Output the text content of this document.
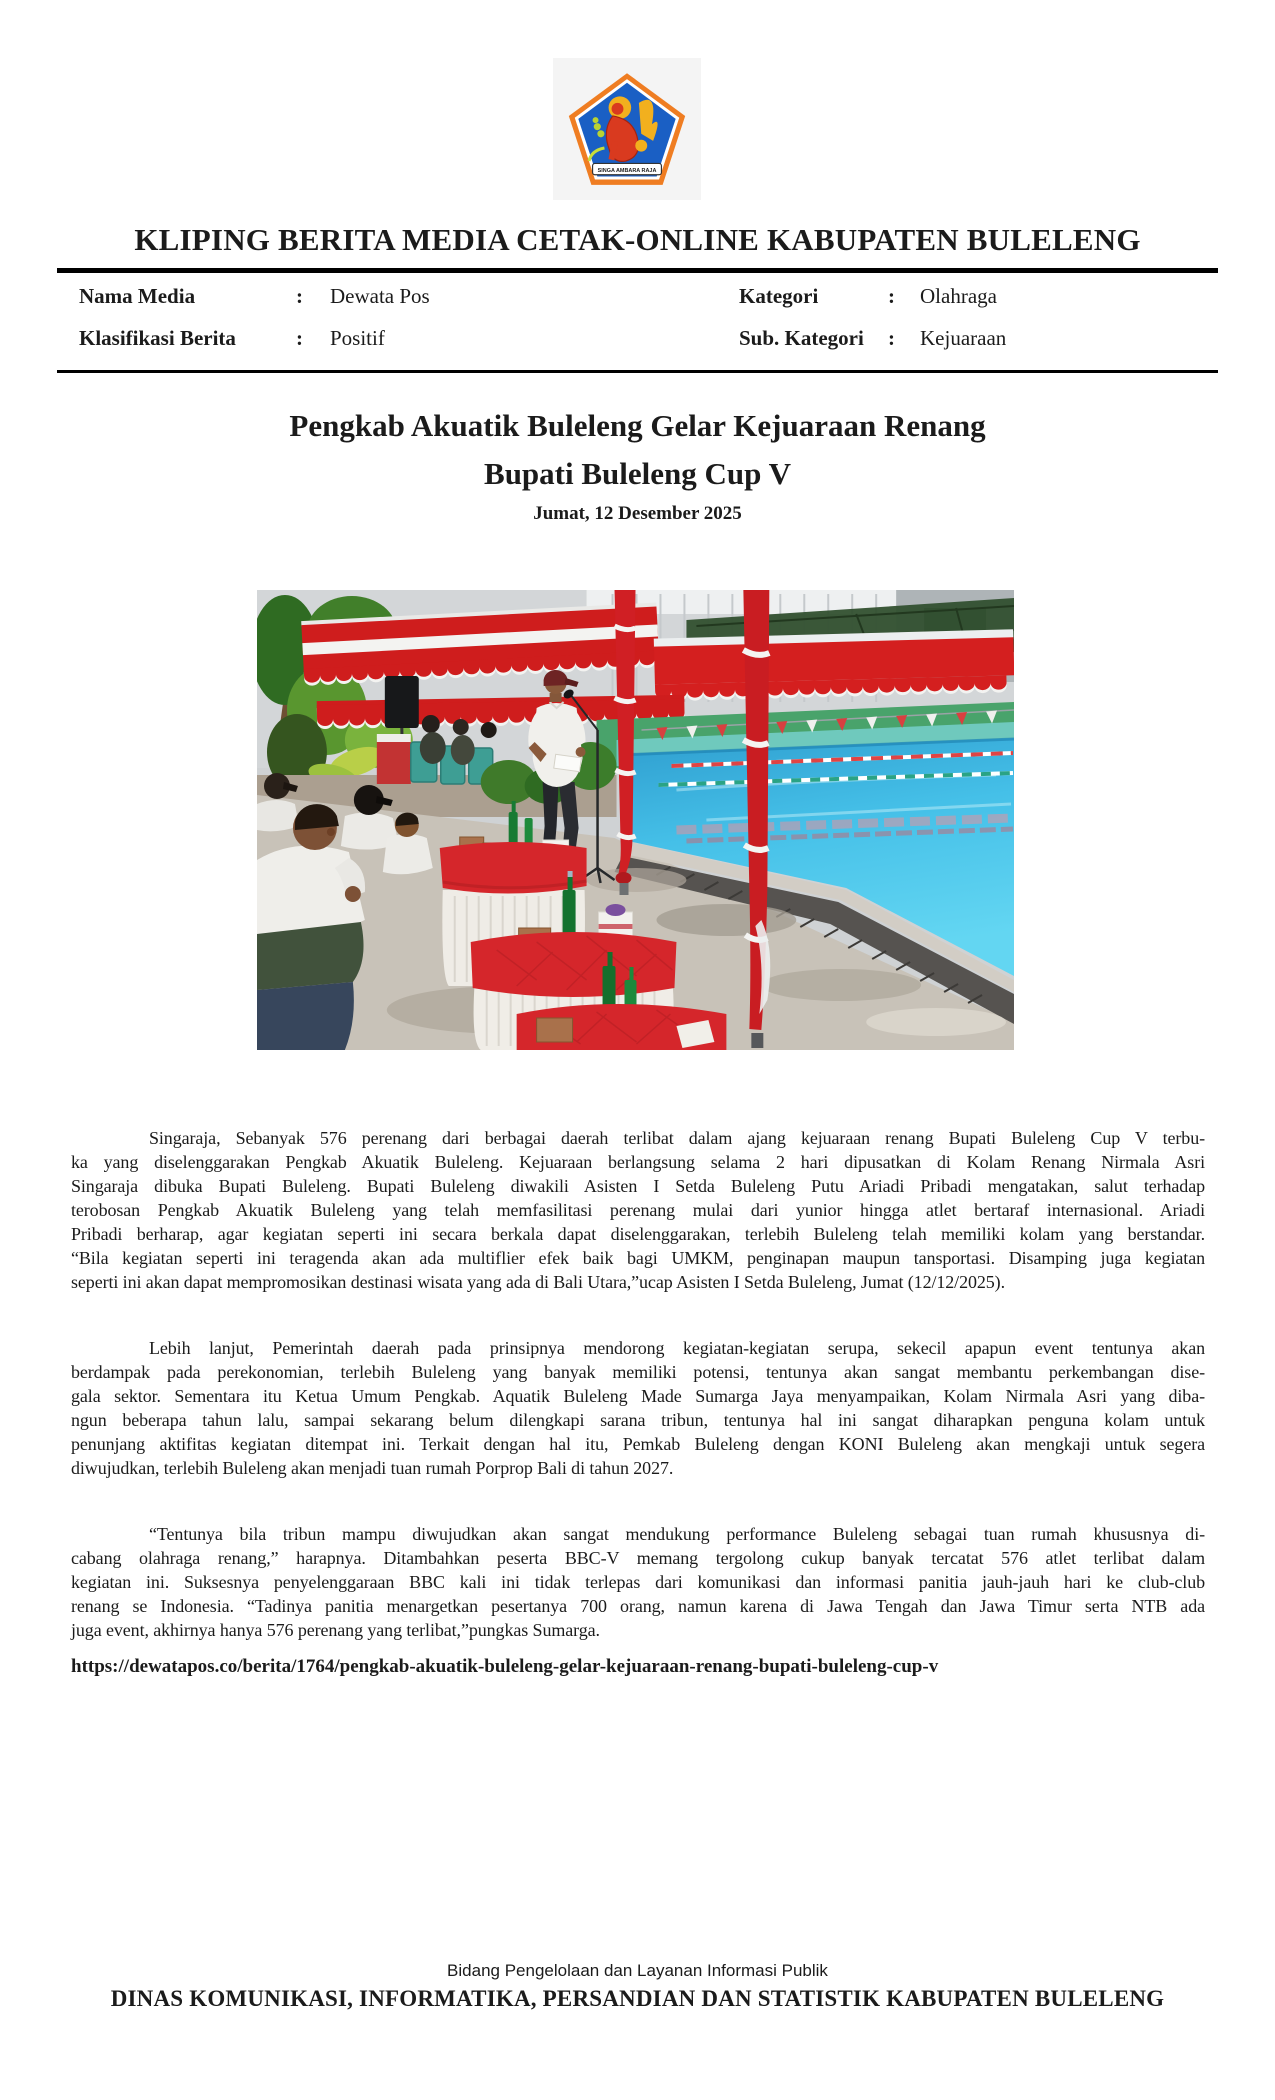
SINGA AMBARA RAJA
KLIPING BERITA MEDIA CETAK-ONLINE KABUPATEN BULELENG
Nama Media	: Dewata Pos
Klasifikasi Berita	: Positif
Kategori	: Olahraga
Sub. Kategori : Kejuaraan
Pengkab Akuatik Buleleng Gelar Kejuaraan Renang
Bupati Buleleng Cup V
Jumat, 12 Desember 2025
Singaraja, Sebanyak 576 perenang dari berbagai daerah terlibat dalam ajang kejuaraan renang Bupati Buleleng Cup V terbu-
ka yang diselenggarakan Pengkab Akuatik Buleleng. Kejuaraan berlangsung selama 2 hari dipusatkan di Kolam Renang Nirmala Asri
Singaraja dibuka Bupati Buleleng. Bupati Buleleng diwakili Asisten I Setda Buleleng Putu Ariadi Pribadi mengatakan, salut terhadap
terobosan Pengkab Akuatik Buleleng yang telah memfasilitasi perenang mulai dari yunior hingga atlet bertaraf internasional. Ariadi
Pribadi berharap, agar kegiatan seperti ini secara berkala dapat diselenggarakan, terlebih Buleleng telah memiliki kolam yang berstandar.
“Bila kegiatan seperti ini teragenda akan ada multiflier efek baik bagi UMKM, penginapan maupun tansportasi. Disamping juga kegiatan
seperti ini akan dapat mempromosikan destinasi wisata yang ada di Bali Utara,”ucap Asisten I Setda Buleleng, Jumat (12/12/2025).
Lebih lanjut, Pemerintah daerah pada prinsipnya mendorong kegiatan-kegiatan serupa, sekecil apapun event tentunya akan
berdampak pada perekonomian, terlebih Buleleng yang banyak memiliki potensi, tentunya akan sangat membantu perkembangan dise-
gala sektor. Sementara itu Ketua Umum Pengkab. Aquatik Buleleng Made Sumarga Jaya menyampaikan, Kolam Nirmala Asri yang diba-
ngun beberapa tahun lalu, sampai sekarang belum dilengkapi sarana tribun, tentunya hal ini sangat diharapkan penguna kolam untuk
penunjang aktifitas kegiatan ditempat ini. Terkait dengan hal itu, Pemkab Buleleng dengan KONI Buleleng akan mengkaji untuk segera
diwujudkan, terlebih Buleleng akan menjadi tuan rumah Porprop Bali di tahun 2027.
“Tentunya bila tribun mampu diwujudkan akan sangat mendukung performance Buleleng sebagai tuan rumah khususnya di-
cabang olahraga renang,” harapnya. Ditambahkan peserta BBC-V memang tergolong cukup banyak tercatat 576 atlet terlibat dalam
kegiatan ini. Suksesnya penyelenggaraan BBC kali ini tidak terlepas dari komunikasi dan informasi panitia jauh-jauh hari ke club-club
renang se Indonesia. “Tadinya panitia menargetkan pesertanya 700 orang, namun karena di Jawa Tengah dan Jawa Timur serta NTB ada
juga event, akhirnya hanya 576 perenang yang terlibat,”pungkas Sumarga.
https://dewatapos.co/berita/1764/pengkab-akuatik-buleleng-gelar-kejuaraan-renang-bupati-buleleng-cup-v
Bidang Pengelolaan dan Layanan Informasi Publik
DINAS KOMUNIKASI, INFORMATIKA, PERSANDIAN DAN STATISTIK KABUPATEN BULELENG
